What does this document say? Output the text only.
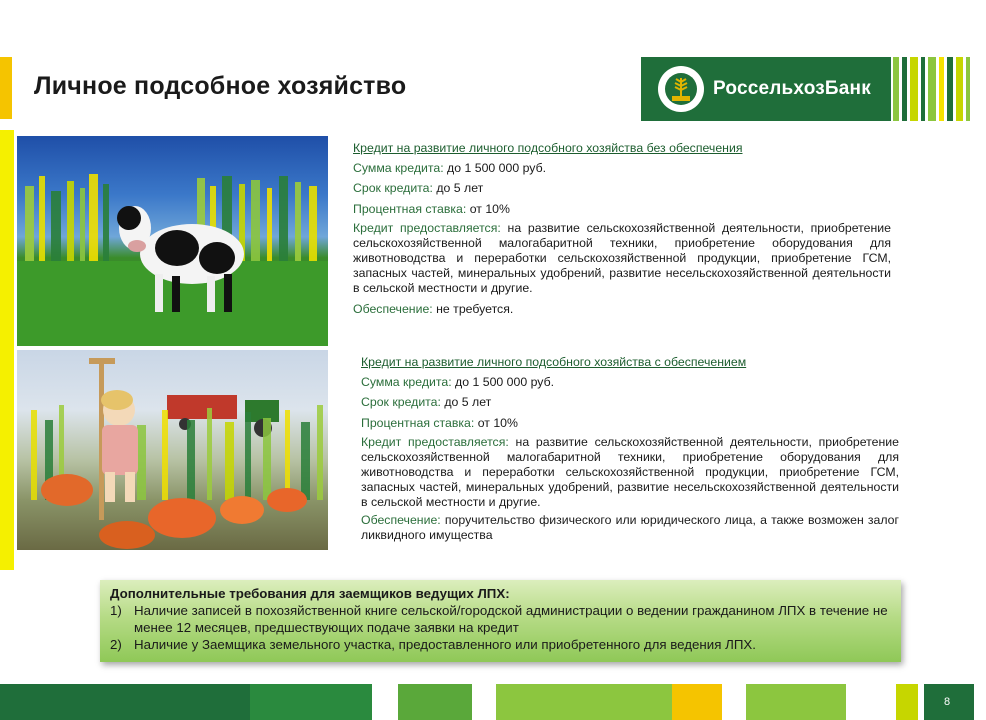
Личное подсобное хозяйство	РоссельхозБанк
Кредит на развитие личного подсобного хозяйства без обеспечения

Сумма кредита: до 1 500 000 руб.

Срок кредита: до 5 лет

Процентная ставка: от 10%

Кредит предоставляется: на развитие сельскохозяйственной деятельности, приобретение сельскохозяйственной малогабаритной техники, приобретение оборудования для животноводства и переработки сельскохозяйственной продукции, приобретение ГСМ, запасных частей, минеральных удобрений, развитие несельскохозяйственной деятельности в сельской местности и другие.

Обеспечение: не требуется.

Кредит на развитие личного подсобного хозяйства с обеспечением

Сумма кредита: до 1 500 000 руб.

Срок кредита: до 5 лет

Процентная ставка: от 10%

Кредит предоставляется: на развитие сельскохозяйственной деятельности, приобретение сельскохозяйственной малогабаритной техники, приобретение оборудования для животноводства и переработки сельскохозяйственной продукции, приобретение ГСМ, запасных частей, минеральных удобрений, развитие несельскохозяйственной деятельности в сельской местности и другие.

Обеспечение: поручительство физического или юридического лица, а также возможен залог ликвидного имущества

Дополнительные требования для заемщиков ведущих ЛПХ:
1) Наличие записей в похозяйственной книге сельской/городской администрации о ведении гражданином ЛПХ в течение не менее 12 месяцев, предшествующих подаче заявки на кредит
2) Наличие у Заемщика земельного участка, предоставленного или приобретенного для ведения ЛПХ.
8
